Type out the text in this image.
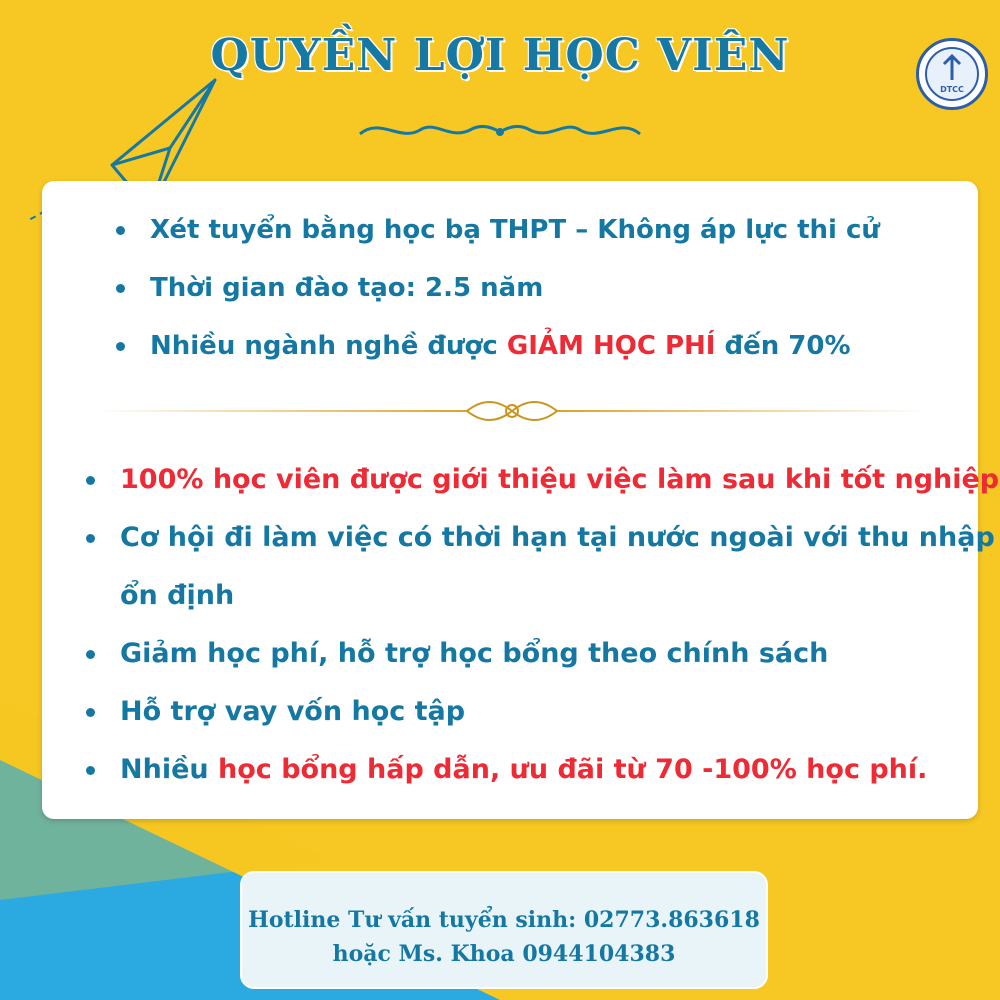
QUYỀN LỢI HỌC VIÊN
DTCC
Xét tuyển bằng học bạ THPT – Không áp lực thi cử
Thời gian đào tạo: 2.5 năm
Nhiều ngành nghề được GIẢM HỌC PHÍ đến 70%
100% học viên được giới thiệu việc làm sau khi tốt nghiệp
Cơ hội đi làm việc có thời hạn tại nước ngoài với thu nhập ổn định
Giảm học phí, hỗ trợ học bổng theo chính sách
Hỗ trợ vay vốn học tập
Nhiều học bổng hấp dẫn, ưu đãi từ 70 -100% học phí.
Hotline Tư vấn tuyển sinh: 02773.863618
hoặc Ms. Khoa 0944104383
